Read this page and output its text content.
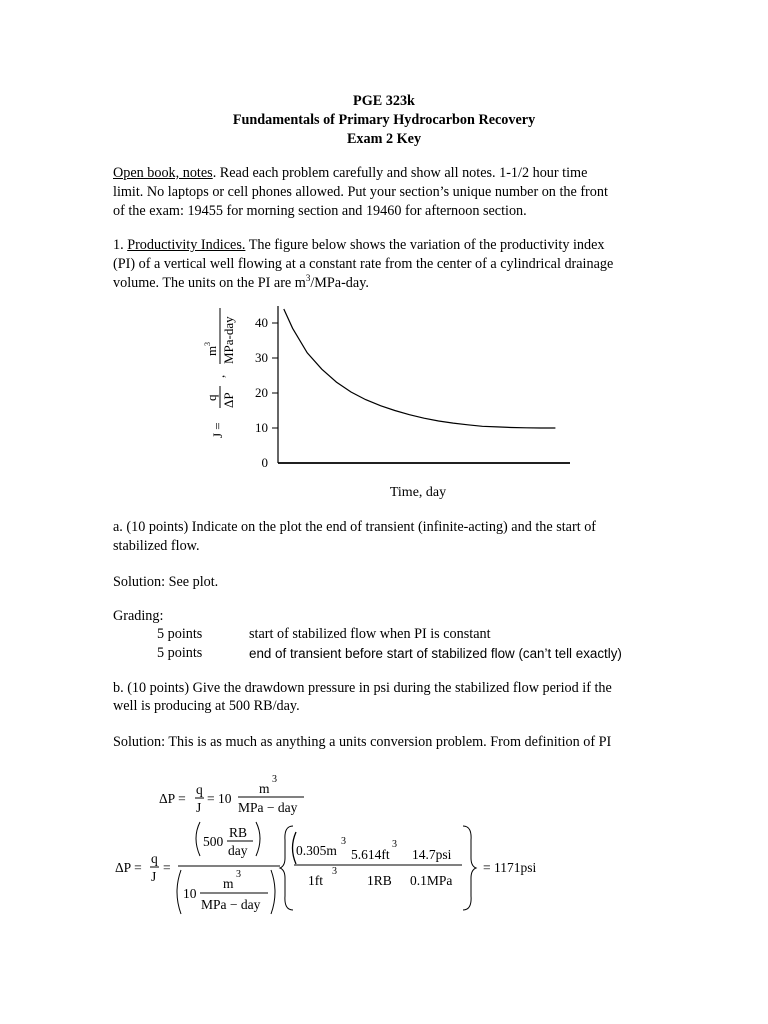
PGE 323k
Fundamentals of Primary Hydrocarbon Recovery
Exam 2 Key
Open book, notes. Read each problem carefully and show all notes. 1-1/2 hour time
limit. No laptops or cell phones allowed. Put your section’s unique number on the front
of the exam: 19455 for morning section and 19460 for afternoon section.
1. Productivity Indices. The figure below shows the variation of the productivity index
(PI) of a vertical well flowing at a constant rate from the center of a cylindrical drainage
volume. The units on the PI are $m^3/MPa$-day.
0
10
20
30
40
J =
q ΔP
,
m
3 MPa-day
Time, day
a. (10 points) Indicate on the plot the end of transient (infinite-acting) and the start of
stabilized flow.
Solution: See plot.
Grading:
5 points	start of stabilized flow when PI is constant
5 points	end of transient before start of stabilized flow (can’t tell exactly)
b. (10 points) Give the drawdown pressure in psi during the stabilized flow period if the
well is producing at 500 RB/day.
Solution: This is as much as anything a units conversion problem. From definition of PI
ΔP =
q
J
= 10
m
3
MPa − day
ΔP =
q
J
=
500
RB
day
10
m
3
MPa − day
0.305m
3
5.614ft
3
14.7psi
1ft
3
1RB 0.1MPa
= 1171psi
